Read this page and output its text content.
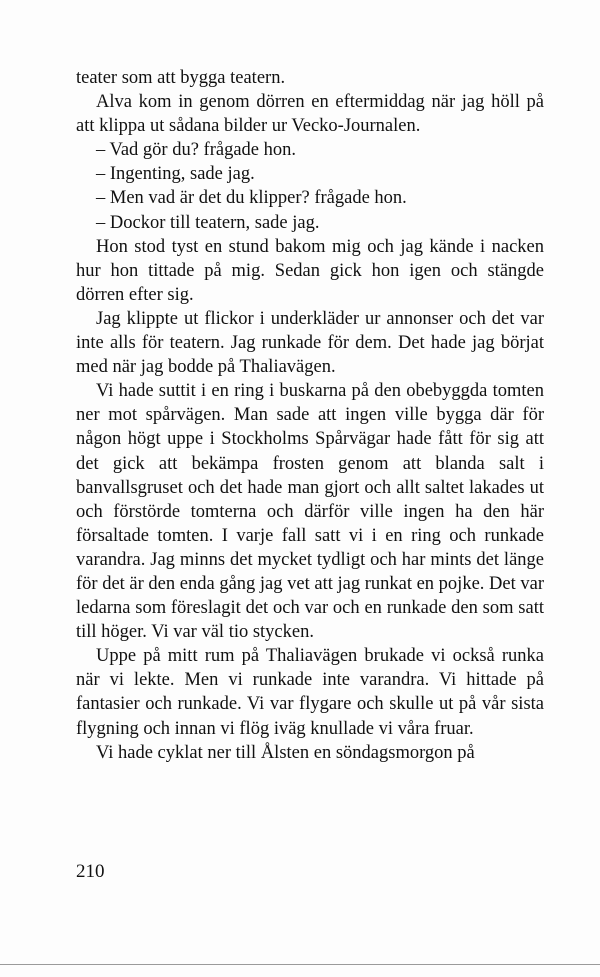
teater som att bygga teatern.

Alva kom in genom dörren en eftermiddag när jag höll på att klippa ut sådana bilder ur Vecko-Journalen.

– Vad gör du? frågade hon.

– Ingenting, sade jag.

– Men vad är det du klipper? frågade hon.

– Dockor till teatern, sade jag.

Hon stod tyst en stund bakom mig och jag kände i nacken hur hon tittade på mig. Sedan gick hon igen och stängde dörren efter sig.

Jag klippte ut flickor i underkläder ur annonser och det var inte alls för teatern. Jag runkade för dem. Det hade jag börjat med när jag bodde på Thaliavägen.

Vi hade suttit i en ring i buskarna på den obebyggda tomten ner mot spårvägen. Man sade att ingen ville bygga där för någon högt uppe i Stockholms Spårvägar hade fått för sig att det gick att bekämpa frosten genom att blanda salt i banvallsgruset och det hade man gjort och allt saltet lakades ut och förstörde tomterna och därför ville ingen ha den här försaltade tomten. I varje fall satt vi i en ring och runkade varandra. Jag minns det mycket tydligt och har mints det länge för det är den enda gång jag vet att jag runkat en pojke. Det var ledarna som föreslagit det och var och en runkade den som satt till höger. Vi var väl tio stycken.

Uppe på mitt rum på Thaliavägen brukade vi också runka när vi lekte. Men vi runkade inte varandra. Vi hittade på fantasier och runkade. Vi var flygare och skulle ut på vår sista flygning och innan vi flög iväg knullade vi våra fruar.

Vi hade cyklat ner till Ålsten en söndagsmorgon på

210
